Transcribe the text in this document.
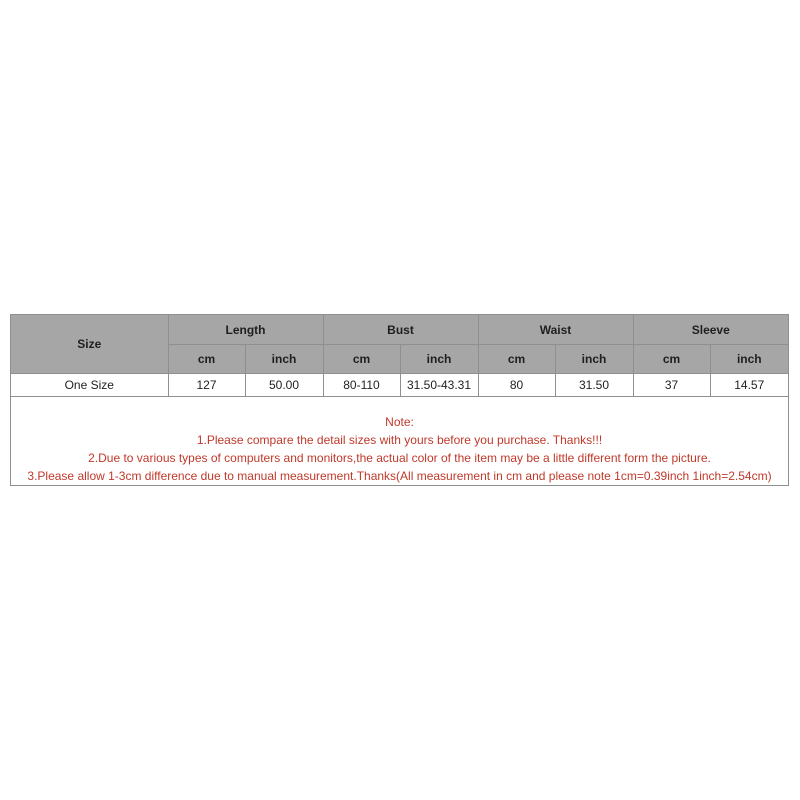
Size	Length		Bust		Waist		Sleeve	
	cm	inch	cm	inch	cm	inch	cm	inch
One Size	127	50.00	80-110	31.50-43.31	80	31.50	37	14.57
Note:
1.Please compare the detail sizes with yours before you purchase. Thanks!!!
2.Due to various types of computers and monitors,the actual color of the item may be a little different form the picture.
3.Please allow 1-3cm difference due to manual measurement.Thanks(All measurement in cm and please note 1cm=0.39inch 1inch=2.54cm)
